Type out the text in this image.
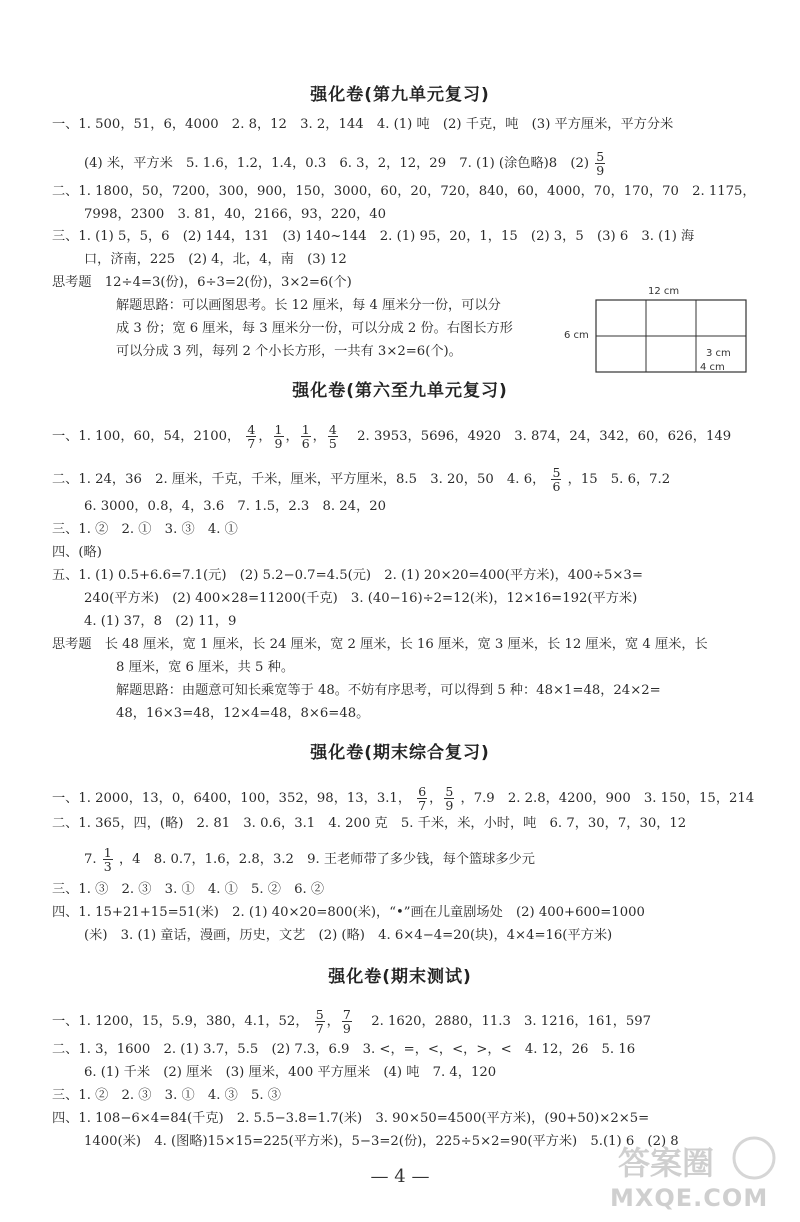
强化卷(第九单元复习)
一、1. 500，51，6，4000　2. 8，12　3. 2，144　4. (1) 吨　(2) 千克，吨　(3) 平方厘米，平方分米
(4) 米，平方米　5. 1.6，1.2，1.4，0.3　6. 3，2，12，29　7. (1) (涂色略)8　$(2) \frac{5}{9}$
二、1. 1800，50，7200，300，900，150，3000，60，20，720，840，60，4000，70，170，70　2. 1175，
7998，2300　3. 81，40，2166，93，220，40
三、1. (1) 5，5，6　(2) 144，131　(3) 140~144　2. (1) 95，20，1，15　(2) 3，5　(3) 6　3. (1) 海
口，济南，225　(2) 4，北，4，南　(3) 12
思考题　12÷4=3(份)，6÷3=2(份)，3×2=6(个)
解题思路：可以画图思考。长 12 厘米，每 4 厘米分一份，可以分
成 3 份；宽 6 厘米，每 3 厘米分一份，可以分成 2 份。右图长方形
可以分成 3 列，每列 2 个小长方形，一共有 3×2=6(个)。
12 cm
6 cm
3 cm
4 cm
强化卷(第六至九单元复习)
一、1. 100，60，54，2100， $\frac{4}{7}$ ， $\frac{1}{9}$ ， $\frac{1}{6}$ ， $\frac{4}{5}$ 　2. 3953，5696，4920　3. 874，24，342，60，626，149
二、1. 24，36　2. 厘米，千克，千米，厘米，平方厘米，8.5　3. 20，50　4. 6， $\frac{5}{6}$ ，15　5. 6，7.2
6. 3000，0.8，4，3.6　7. 1.5，2.3　8. 24，20
三、1. ②　2. ①　3. ③　4. ①
四、(略)
五、1. (1) 0.5+6.6=7.1(元)　(2) 5.2−0.7=4.5(元)　2. (1) 20×20=400(平方米)，400÷5×3=
240(平方米)　(2) 400×28=11200(千克)　3. (40−16)÷2=12(米)，12×16=192(平方米)
4. (1) 37，8　(2) 11，9
思考题　长 48 厘米，宽 1 厘米，长 24 厘米，宽 2 厘米，长 16 厘米，宽 3 厘米，长 12 厘米，宽 4 厘米，长
8 厘米，宽 6 厘米，共 5 种。
解题思路：由题意可知长乘宽等于 48。不妨有序思考，可以得到 5 种：48×1=48，24×2=
48，16×3=48，12×4=48，8×6=48。
强化卷(期末综合复习)
一、1. 2000，13，0，6400，100，352，98，13，3.1， $\frac{6}{7}$ ， $\frac{5}{9}$ ，7.9　2. 2.8，4200，900　3. 150，15，214
二、1. 365，四，(略)　2. 81　3. 0.6，3.1　4. 200 克　5. 千米，米，小时，吨　6. 7，30，7，30，12
7. $\frac{1}{3}$ ，4　8. 0.7，1.6，2.8，3.2　9. 王老师带了多少钱，每个篮球多少元
三、1. ③　2. ③　3. ①　4. ①　5. ②　6. ②
四、1. 15+21+15=51(米)　2. (1) 40×20=800(米)，“•”画在儿童剧场处　(2) 400+600=1000
(米)　3. (1) 童话，漫画，历史，文艺　(2) (略)　4. 6×4−4=20(块)，4×4=16(平方米)
强化卷(期末测试)
一、1. 1200，15，5.9，380，4.1，52， $\frac{5}{7}$ ， $\frac{7}{9}$ 　2. 1620，2880，11.3　3. 1216，161，597
二、1. 3，1600　2. (1) 3.7，5.5　(2) 7.3，6.9　3. <，=，<，<，>，<　4. 12，26　5. 16
6. (1) 千米　(2) 厘米　(3) 厘米，400 平方厘米　(4) 吨　7. 4，120
三、1. ②　2. ③　3. ①　4. ③　5. ③
四、1. 108−6×4=84(千克)　2. 5.5−3.8=1.7(米)　3. 90×50=4500(平方米)，(90+50)×2×5=
1400(米)　4. (图略)15×15=225(平方米)，5−3=2(份)，225÷5×2=90(平方米)　5.(1) 6　(2) 8
— 4 —	答案圈
MXQE.COM
